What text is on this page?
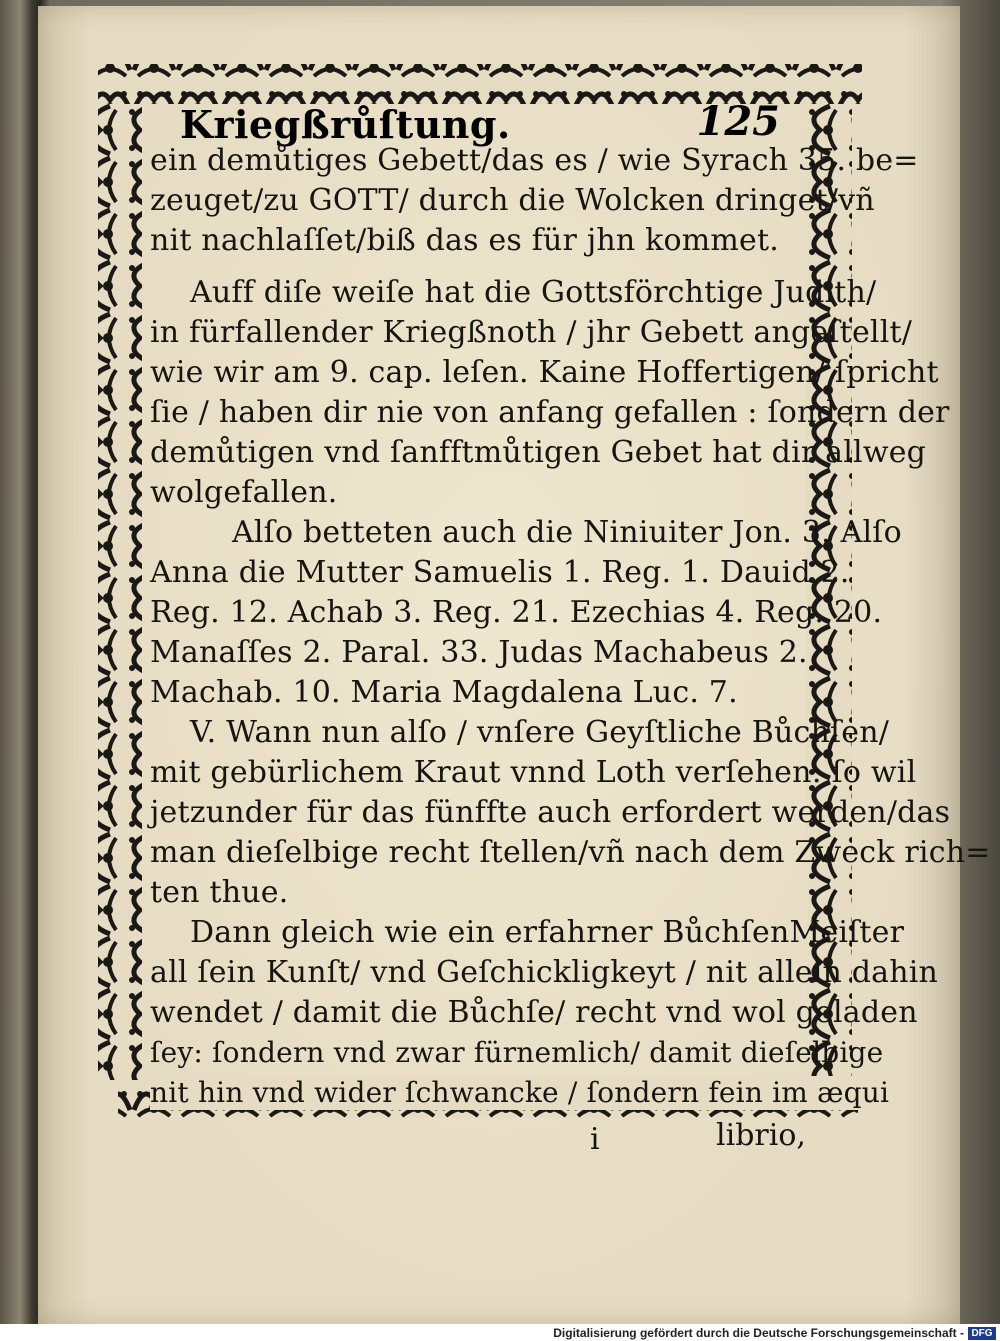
Kriegßrůſtung.	125
ein demůtiges Gebett/das es / wie Syrach 35. be=
zeuget/zu GOTT/ durch die Wolcken dringet/vñ
nit nachlaſſet/biß das es für jhn kommet.
Auff diſe weiſe hat die Gottsförchtige Judith/
in fürfallender Kriegßnoth / jhr Gebett angeſtellt/
wie wir am 9. cap. leſen. Kaine Hoffertigen/ ſpricht
ſie / haben dir nie von anfang gefallen : ſondern der
demůtigen vnd ſanfftmůtigen Gebet hat dir allweg
wolgefallen.
Alſo betteten auch die Niniuiter Jon. 3. Alſo
Anna die Mutter Samuelis 1. Reg. 1. Dauid 2.
Reg. 12. Achab 3. Reg. 21. Ezechias 4. Reg. 20.
Manaſſes 2. Paral. 33. Judas Machabeus 2.
Machab. 10. Maria Magdalena Luc. 7.
V. Wann nun alſo / vnſere Geyſtliche Bůchſen/
mit gebürlichem Kraut vnnd Loth verſehen: ſo wil
jetzunder für das fünffte auch erfordert werden/das
man dieſelbige recht ſtellen/vñ nach dem Zweck rich=
ten thue.
Dann gleich wie ein erfahrner BůchſenMeiſter
all ſein Kunſt/ vnd Geſchickligkeyt / nit allein dahin
wendet / damit die Bůchſe/ recht vnd wol geladen
ſey: ſondern vnd zwar fürnemlich/ damit dieſelbige
nit hin vnd wider ſchwancke / ſondern fein im æqui
i	librio,
Digitalisierung gefördert durch die Deutsche Forschungsgemeinschaft - DFG
